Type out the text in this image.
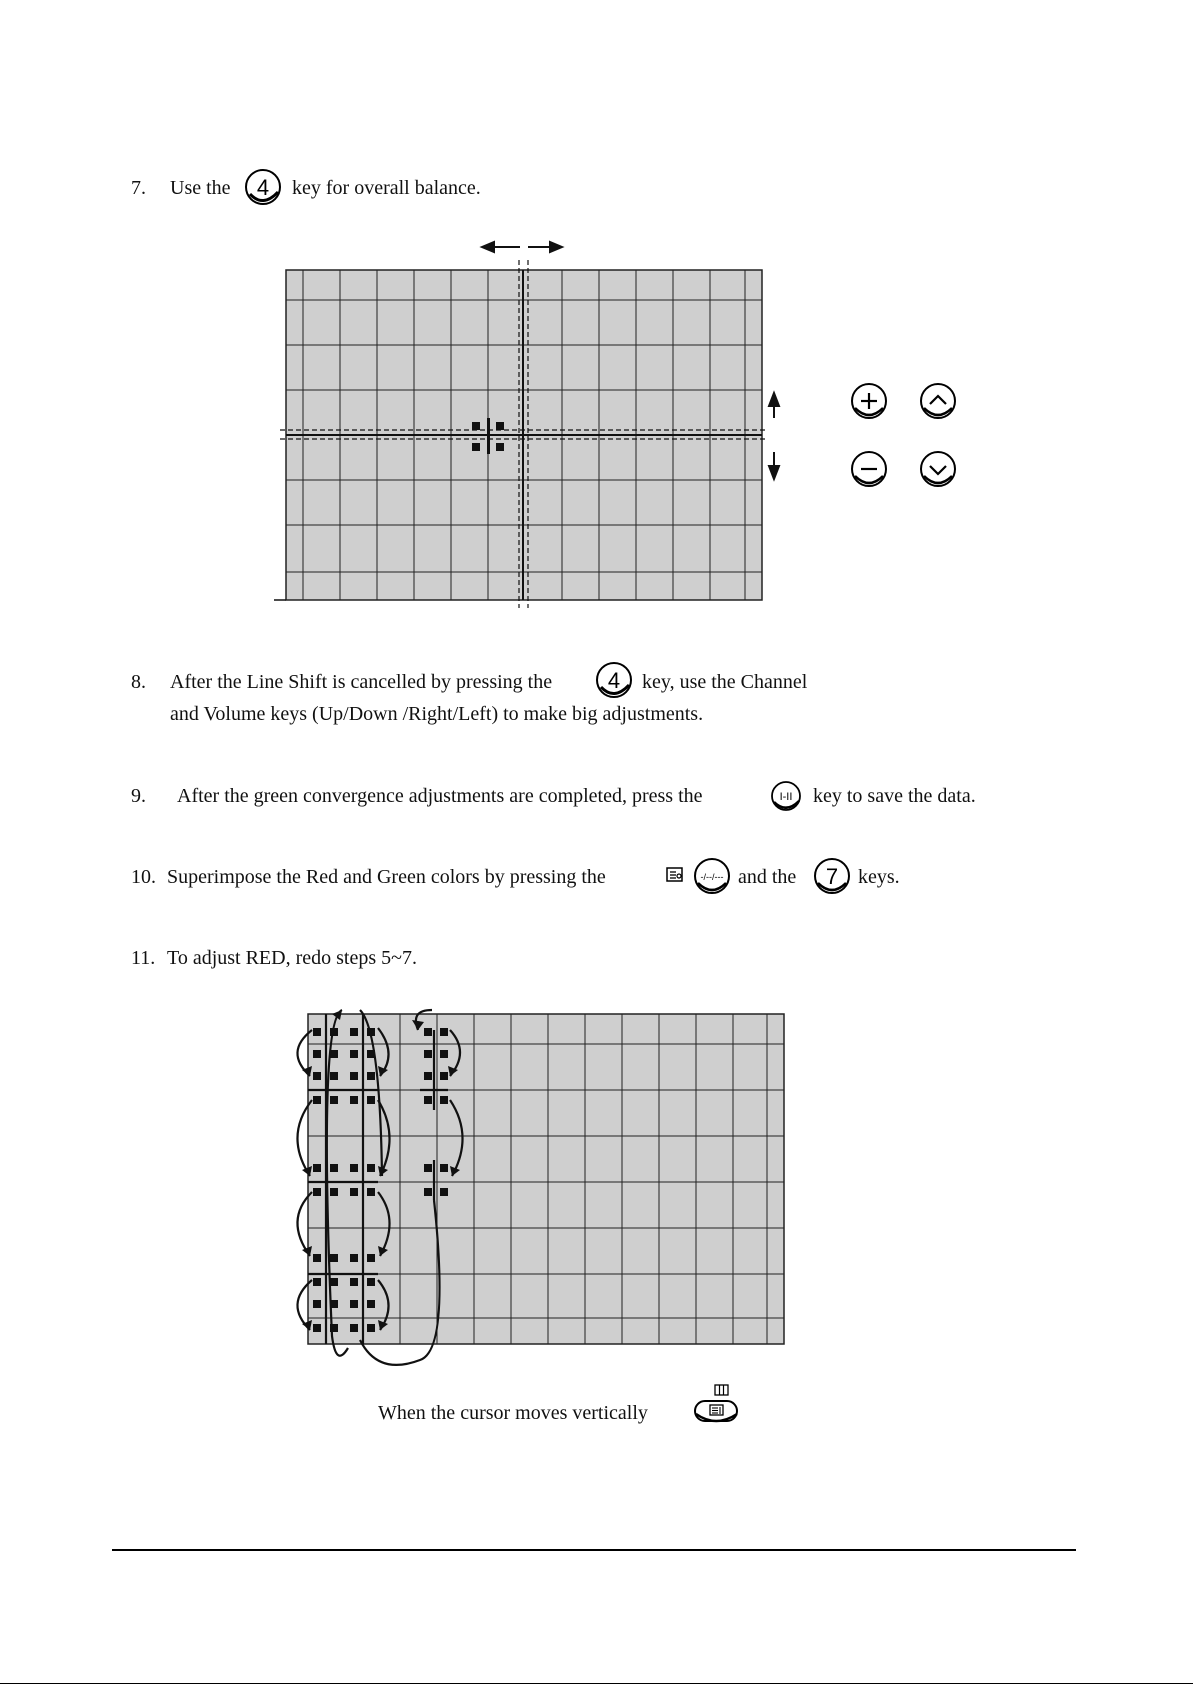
7. Use the 4 key for overall balance.
8. After the Line Shift is cancelled by pressing the	4 key, use the Channel
and Volume keys (Up/Down /Right/Left) to make big adjustments.
9. After the green convergence adjustments are completed, press the	I-II key to save the data.
10. Superimpose the Red and Green colors by pressing the	-/--/--- and the 7 keys.
11. To adjust RED, redo steps 5~7.
When the cursor moves vertically
